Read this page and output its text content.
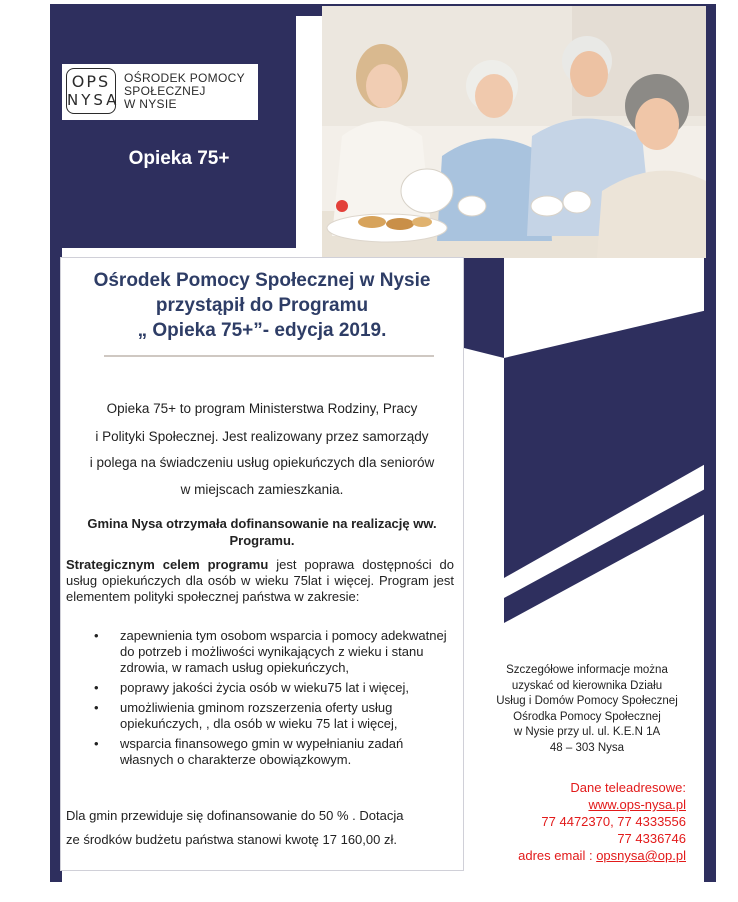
OPS
NYSA
OŚRODEK POMOCY
SPOŁECZNEJ
W NYSIE
Opieka 75+
Ośrodek Pomocy Społecznej w Nysie
przystąpił do Programu
„ Opieka 75+”- edycja 2019.
Opieka 75+ to program Ministerstwa Rodziny, Pracy
i Polityki Społecznej. Jest realizowany przez samorządy
i polega na świadczeniu usług opiekuńczych dla seniorów
w miejscach zamieszkania.
Gmina Nysa otrzymała dofinansowanie na realizację ww. Programu.
Strategicznym celem programu jest poprawa dostępności do usług opiekuńczych dla osób w wieku 75lat i więcej. Program jest elementem polityki społecznej państwa w zakresie:
• zapewnienia tym osobom wsparcia i pomocy adekwatnej do potrzeb i możliwości wynikających z wieku i stanu zdrowia, w ramach usług opiekuńczych,
• poprawy jakości życia osób w wieku75 lat i więcej,
• umożliwienia gminom rozszerzenia oferty usług opiekuńczych, , dla osób w wieku 75 lat i więcej,
• wsparcia finansowego gmin w wypełnianiu zadań własnych o charakterze obowiązkowym.
Dla gmin przewiduje się dofinansowanie do 50 % . Dotacja
ze środków budżetu państwa stanowi kwotę 17 160,00 zł.
Szczegółowe informacje można
uzyskać od kierownika Działu
Usług i Domów Pomocy Społecznej
Ośrodka Pomocy Społecznej
w Nysie przy ul. ul. K.E.N 1A
48 – 303 Nysa
Dane teleadresowe:
www.ops-nysa.pl
77 4472370, 77 4333556
77 4336746
adres email : opsnysa@op.pl
